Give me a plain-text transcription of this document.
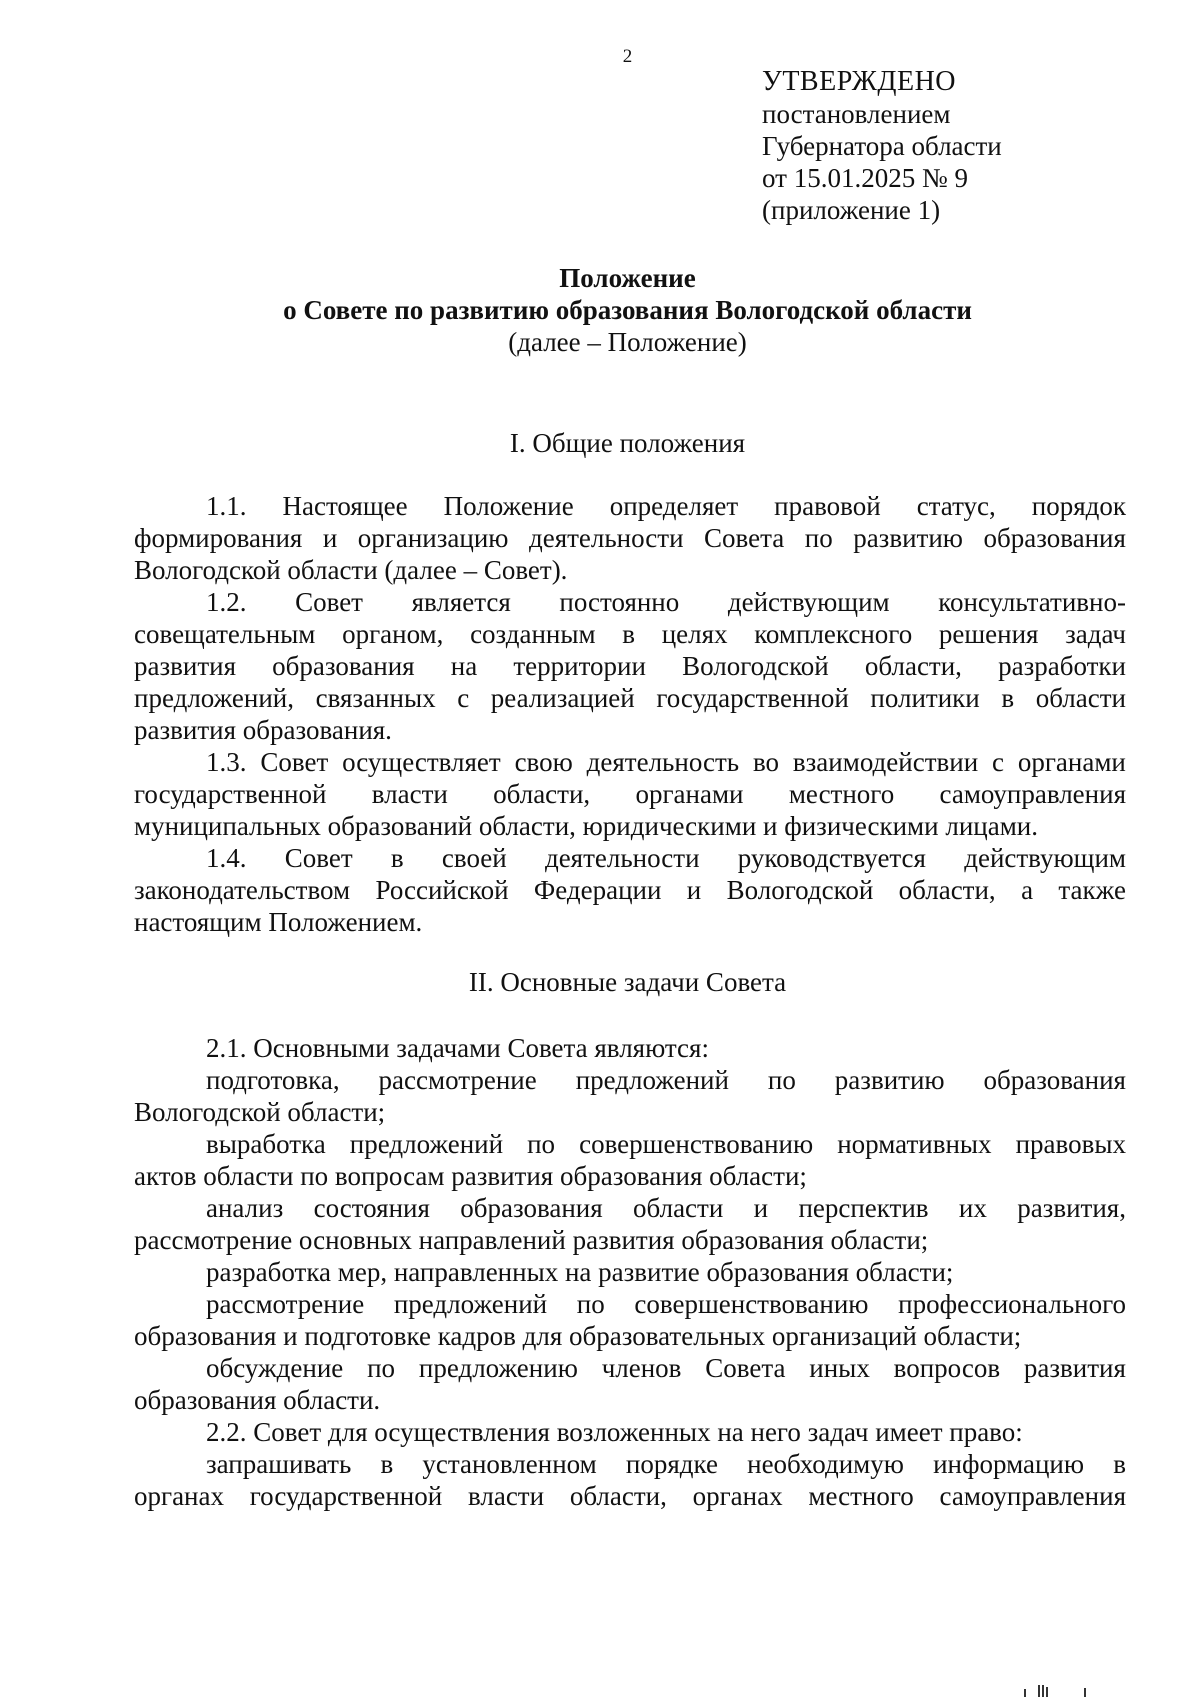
2
УТВЕРЖДЕНО
постановлением
Губернатора области
от 15.01.2025 № 9
(приложение 1)
Положение
о Совете по развитию образования Вологодской области
(далее – Положение)
I. Общие положения
1.1. Настоящее Положение определяет правовой статус, порядок
формирования и организацию деятельности Совета по развитию образования
Вологодской области (далее – Совет).
1.2. Совет является постоянно действующим консультативно-
совещательным органом, созданным в целях комплексного решения задач
развития образования на территории Вологодской области, разработки
предложений, связанных с реализацией государственной политики в области
развития образования.
1.3. Совет осуществляет свою деятельность во взаимодействии с органами
государственной власти области, органами местного самоуправления
муниципальных образований области, юридическими и физическими лицами.
1.4. Совет в своей деятельности руководствуется действующим
законодательством Российской Федерации и Вологодской области, а также
настоящим Положением.
II. Основные задачи Совета
2.1. Основными задачами Совета являются:
подготовка, рассмотрение предложений по развитию образования
Вологодской области;
выработка предложений по совершенствованию нормативных правовых
актов области по вопросам развития образования области;
анализ состояния образования области и перспектив их развития,
рассмотрение основных направлений развития образования области;
разработка мер, направленных на развитие образования области;
рассмотрение предложений по совершенствованию профессионального
образования и подготовке кадров для образовательных организаций области;
обсуждение по предложению членов Совета иных вопросов развития
образования области.
2.2. Совет для осуществления возложенных на него задач имеет право:
запрашивать в установленном порядке необходимую информацию в
органах государственной власти области, органах местного самоуправления
